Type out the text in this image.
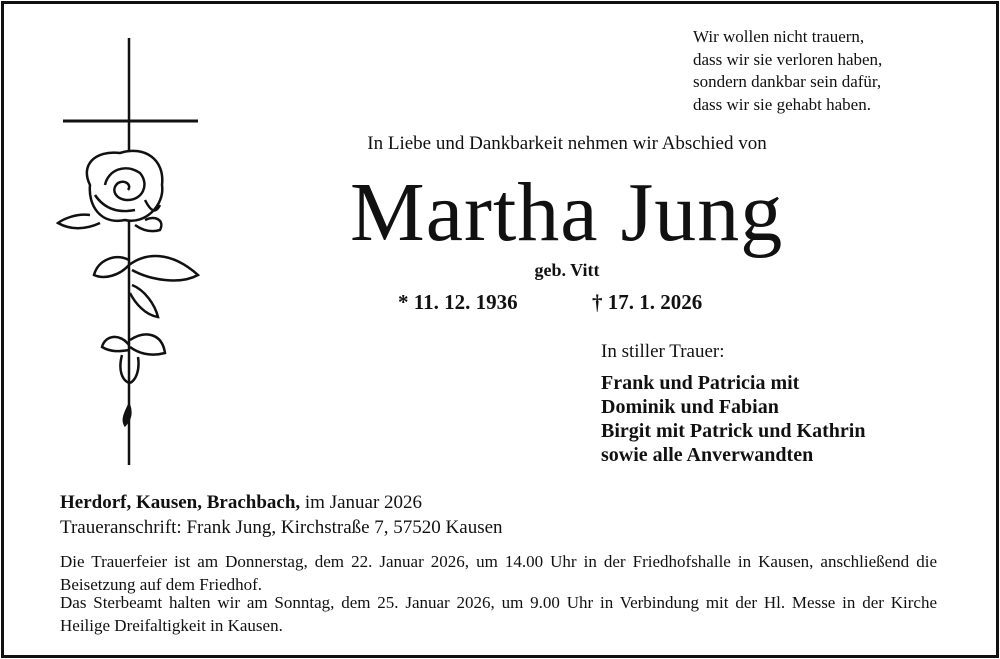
Wir wollen nicht trauern,
dass wir sie verloren haben,
sondern dankbar sein dafür,
dass wir sie gehabt haben.
In Liebe und Dankbarkeit nehmen wir Abschied von
Martha Jung
geb. Vitt
* 11. 12. 1936	† 17. 1. 2026
In stiller Trauer:
Frank und Patricia mit
Dominik und Fabian
Birgit mit Patrick und Kathrin
sowie alle Anverwandten
Herdorf, Kausen, Brachbach, im Januar 2026
Traueranschrift: Frank Jung, Kirchstraße 7, 57520 Kausen
Die Trauerfeier ist am Donnerstag, dem 22. Januar 2026, um 14.00 Uhr in der Friedhofshalle in Kausen, anschließend die Beisetzung auf dem Friedhof.
Das Sterbeamt halten wir am Sonntag, dem 25. Januar 2026, um 9.00 Uhr in Verbindung mit der Hl. Messe in der Kirche Heilige Dreifaltigkeit in Kausen.
